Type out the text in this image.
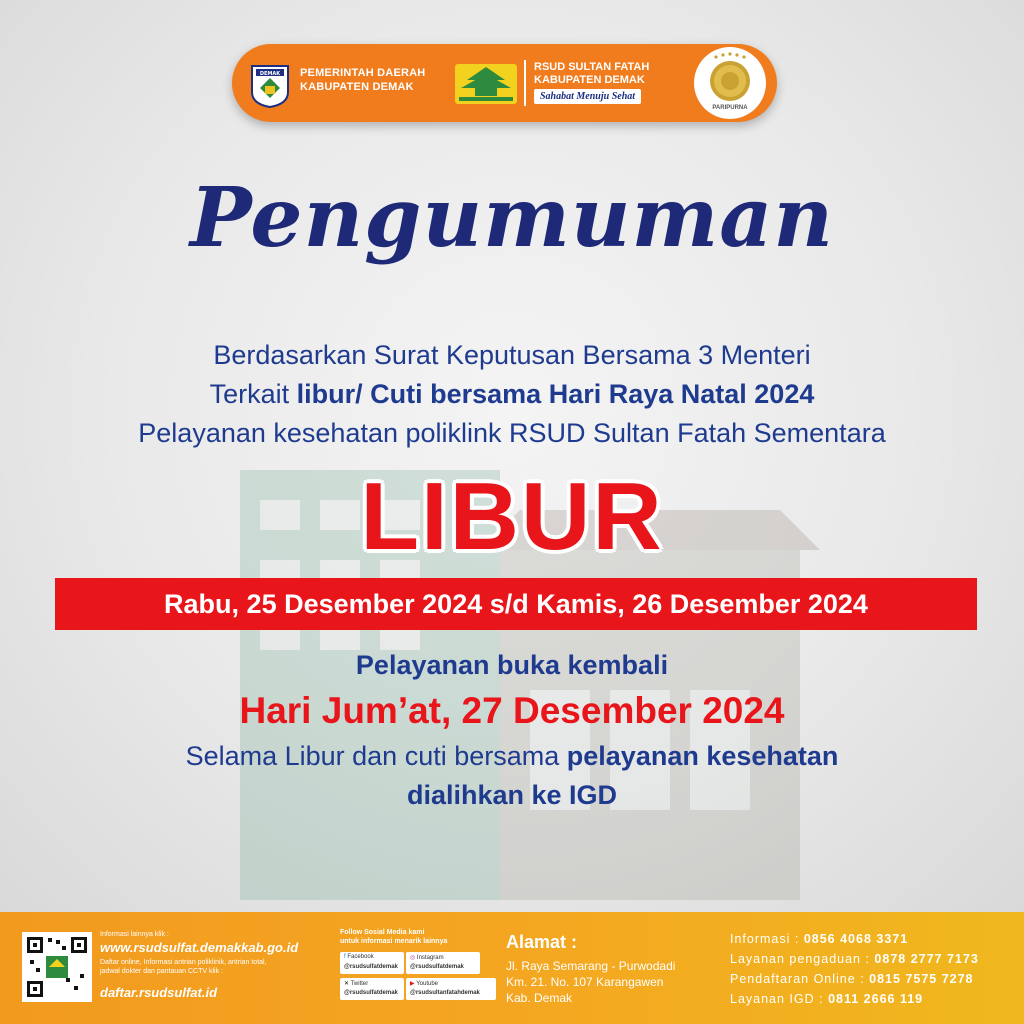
DEMAK PEMERINTAH DAERAH
KABUPATEN DEMAK
RSUD SULTAN FATAH
KABUPATEN DEMAK
Sahabat Menuju Sehat
PARIPURNA
Pengumuman
Berdasarkan Surat Keputusan Bersama 3 Menteri
Terkait libur/ Cuti bersama Hari Raya Natal 2024
Pelayanan kesehatan poliklink RSUD Sultan Fatah Sementara
LIBUR
Rabu, 25 Desember 2024 s/d Kamis, 26 Desember 2024
Pelayanan buka kembali
Hari Jum’at, 27 Desember 2024
Selama Libur dan cuti bersama pelayanan kesehatan
dialihkan ke IGD
Informasi lainnya klik :
www.rsudsulfat.demakkab.go.id
Daftar online, Informasi antrian poliklinik, antrian total, jadwal dokter dan pantauan CCTV klik :
daftar.rsudsulfat.id
Follow Sosial Media kami
untuk informasi menarik lainnya
f Facebook
@rsudsulfatdemak
◎ Instagram
@rsudsulfatdemak
✕ Twitter
@rsudsulfatdemak
▶ Youtube
@rsudsultanfatahdemak
Alamat :
Jl. Raya Semarang - Purwodadi
Km. 21. No. 107 Karangawen
Kab. Demak
Informasi : 0856 4068 3371
Layanan pengaduan : 0878 2777 7173
Pendaftaran Online : 0815 7575 7278
Layanan IGD : 0811 2666 119
